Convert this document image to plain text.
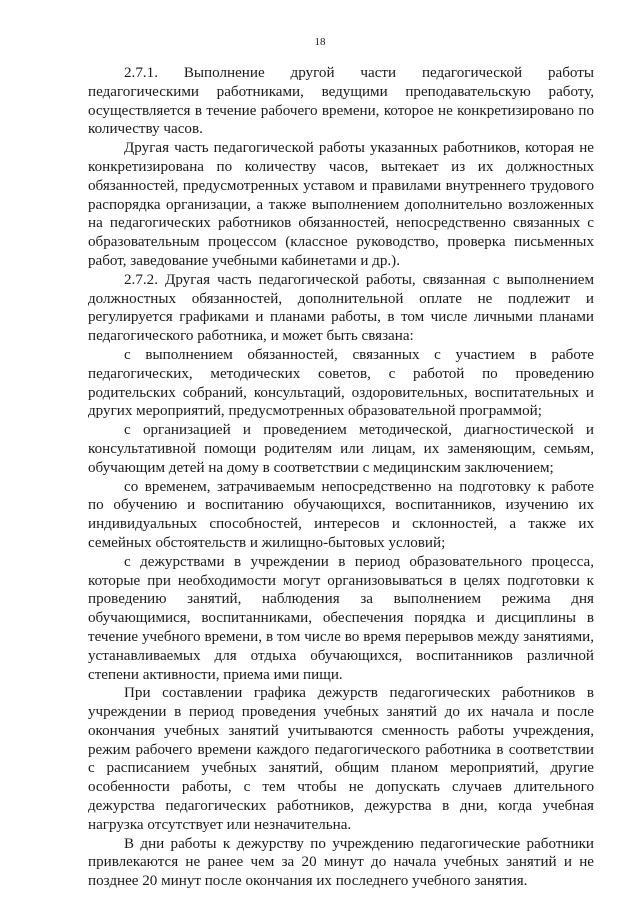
18

2.7.1. Выполнение другой части педагогической работы педагогическими работниками, ведущими преподавательскую работу, осуществляется в течение рабочего времени, которое не конкретизировано по количеству часов.

Другая часть педагогической работы указанных работников, которая не конкретизирована по количеству часов, вытекает из их должностных обязанностей, предусмотренных уставом и правилами внутреннего трудового распорядка организации, а также выполнением дополнительно возложенных на педагогических работников обязанностей, непосредственно связанных с образовательным процессом (классное руководство, проверка письменных работ, заведование учебными кабинетами и др.).

2.7.2. Другая часть педагогической работы, связанная с выполнением должностных обязанностей, дополнительной оплате не подлежит и регулируется графиками и планами работы, в том числе личными планами педагогического работника, и может быть связана:

с выполнением обязанностей, связанных с участием в работе педагогических, методических советов, с работой по проведению родительских собраний, консультаций, оздоровительных, воспитательных и других мероприятий, предусмотренных образовательной программой;

с организацией и проведением методической, диагностической и консультативной помощи родителям или лицам, их заменяющим, семьям, обучающим детей на дому в соответствии с медицинским заключением;

со временем, затрачиваемым непосредственно на подготовку к работе по обучению и воспитанию обучающихся, воспитанников, изучению их индивидуальных способностей, интересов и склонностей, а также их семейных обстоятельств и жилищно-бытовых условий;

с дежурствами в учреждении в период образовательного процесса, которые при необходимости могут организовываться в целях подготовки к проведению занятий, наблюдения за выполнением режима дня обучающимися, воспитанниками, обеспечения порядка и дисциплины в течение учебного времени, в том числе во время перерывов между занятиями, устанавливаемых для отдыха обучающихся, воспитанников различной степени активности, приема ими пищи.

При составлении графика дежурств педагогических работников в учреждении в период проведения учебных занятий до их начала и после окончания учебных занятий учитываются сменность работы учреждения, режим рабочего времени каждого педагогического работника в соответствии с расписанием учебных занятий, общим планом мероприятий, другие особенности работы, с тем чтобы не допускать случаев длительного дежурства педагогических работников, дежурства в дни, когда учебная нагрузка отсутствует или незначительна.

В дни работы к дежурству по учреждению педагогические работники привлекаются не ранее чем за 20 минут до начала учебных занятий и не позднее 20 минут после окончания их последнего учебного занятия.
